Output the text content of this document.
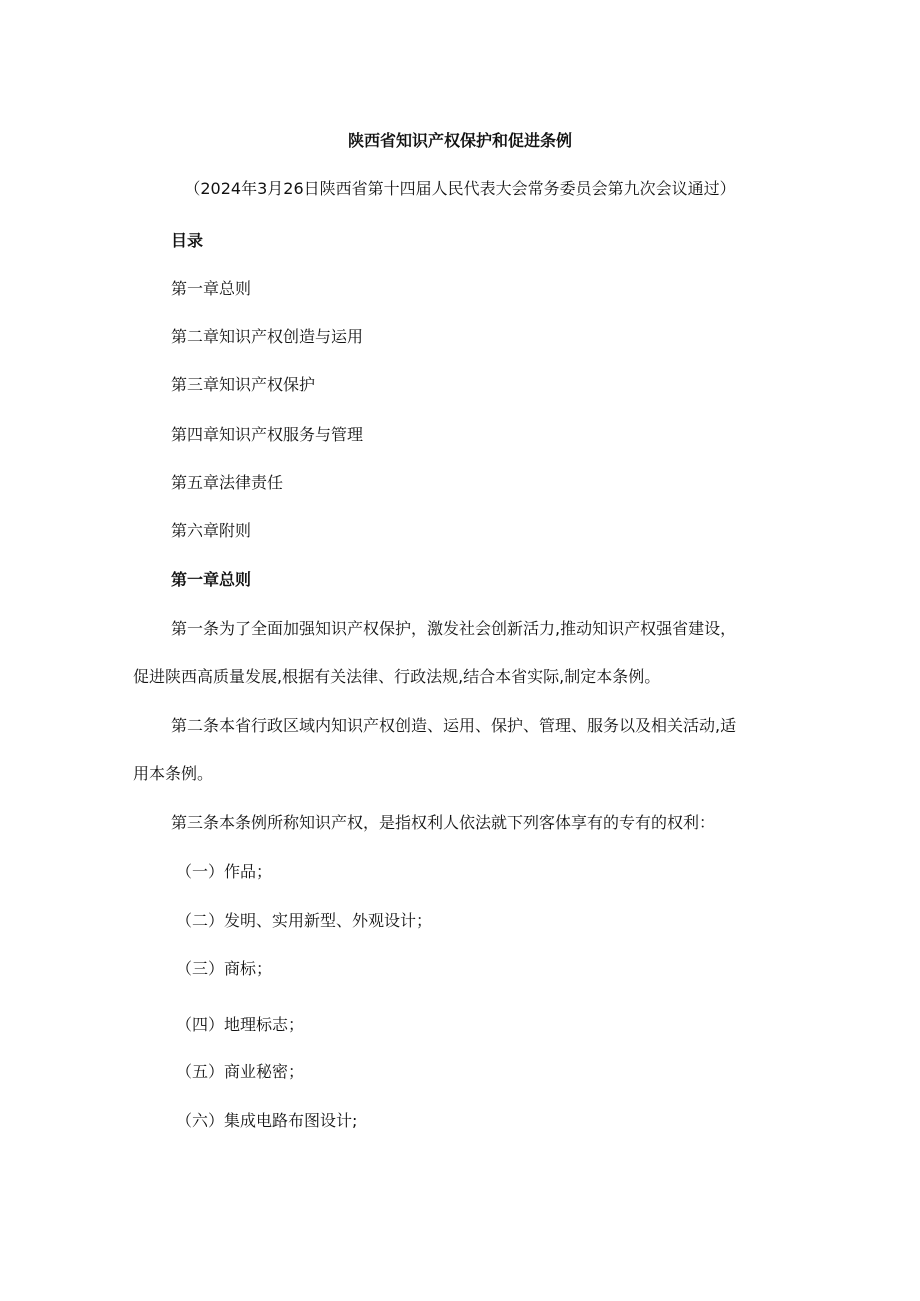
陕西省知识产权保护和促进条例
（2024年3月26日陕西省第十四届人民代表大会常务委员会第九次会议通过）
目录
第一章总则
第二章知识产权创造与运用
第三章知识产权保护
第四章知识产权服务与管理
第五章法律责任
第六章附则
第一章总则
第一条为了全面加强知识产权保护，激发社会创新活力,推动知识产权强省建设，
促进陕西高质量发展,根据有关法律、行政法规,结合本省实际,制定本条例。
第二条本省行政区域内知识产权创造、运用、保护、管理、服务以及相关活动,适
用本条例。
第三条本条例所称知识产权，是指权利人依法就下列客体享有的专有的权利：
（一）作品；
（二）发明、实用新型、外观设计；
（三）商标；
（四）地理标志；
（五）商业秘密；
（六）集成电路布图设计;
